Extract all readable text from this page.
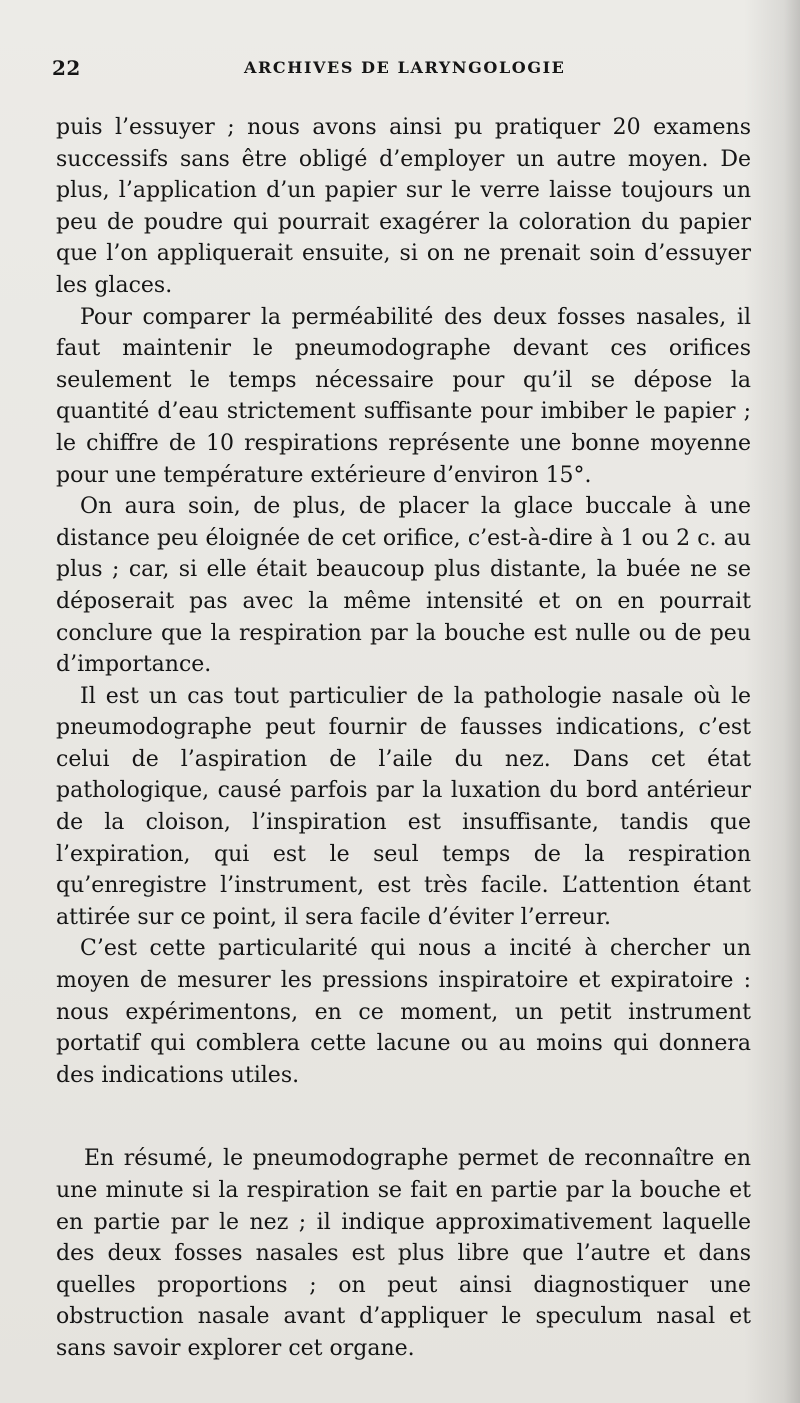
22	ARCHIVES DE LARYNGOLOGIE

puis l’essuyer ; nous avons ainsi pu pratiquer 20 examens successifs sans être obligé d’employer un autre moyen. De plus, l’application d’un papier sur le verre laisse toujours un peu de poudre qui pourrait exagérer la coloration du papier que l’on appliquerait ensuite, si on ne prenait soin d’essuyer les glaces.

Pour comparer la perméabilité des deux fosses nasales, il faut maintenir le pneumodographe devant ces orifices seulement le temps nécessaire pour qu’il se dépose la quantité d’eau strictement suffisante pour imbiber le papier ; le chiffre de 10 respirations représente une bonne moyenne pour une température extérieure d’environ 15°.

On aura soin, de plus, de placer la glace buccale à une distance peu éloignée de cet orifice, c’est-à-dire à 1 ou 2 c. au plus ; car, si elle était beaucoup plus distante, la buée ne se déposerait pas avec la même intensité et on en pourrait conclure que la respiration par la bouche est nulle ou de peu d’importance.

Il est un cas tout particulier de la pathologie nasale où le pneumodographe peut fournir de fausses indications, c’est celui de l’aspiration de l’aile du nez. Dans cet état pathologique, causé parfois par la luxation du bord antérieur de la cloison, l’inspiration est insuffisante, tandis que l’expiration, qui est le seul temps de la respiration qu’enregistre l’instrument, est très facile. L’attention étant attirée sur ce point, il sera facile d’éviter l’erreur.

C’est cette particularité qui nous a incité à chercher un moyen de mesurer les pressions inspiratoire et expiratoire : nous expérimentons, en ce moment, un petit instrument portatif qui comblera cette lacune ou au moins qui donnera des indications utiles.

En résumé, le pneumodographe permet de reconnaître en une minute si la respiration se fait en partie par la bouche et en partie par le nez ; il indique approximativement laquelle des deux fosses nasales est plus libre que l’autre et dans quelles proportions ; on peut ainsi diagnostiquer une obstruction nasale avant d’appliquer le speculum nasal et sans savoir explorer cet organe.
